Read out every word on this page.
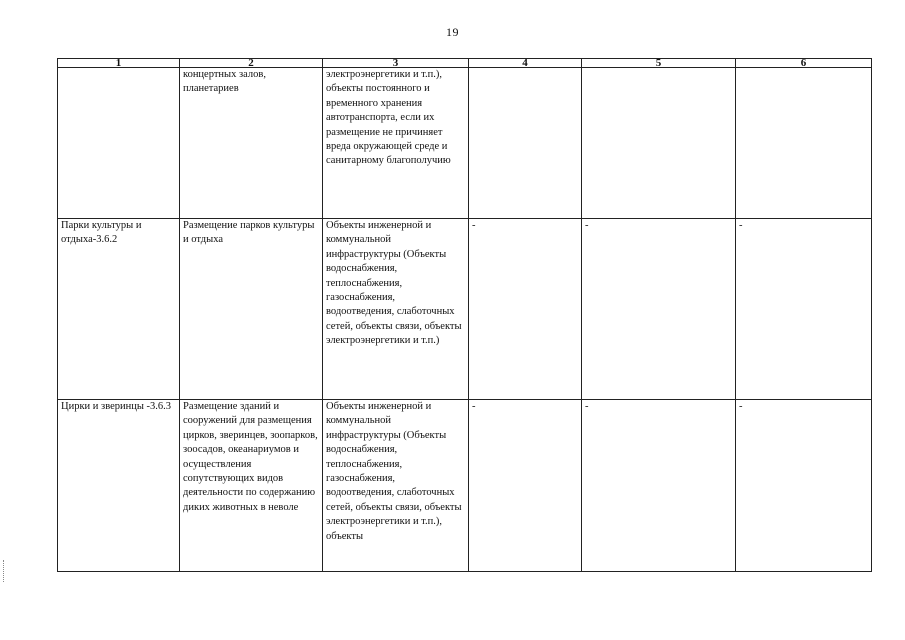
19
1	2	3	4	5	6
	концертных залов, планетариев	электроэнергетики и т.п.), объекты постоянного и временного хранения автотранспорта, если их размещение не причиняет вреда окружающей среде и санитарному благополучию			
Парки культуры и отдыха-3.6.2	Размещение парков культуры и отдыха	Объекты инженерной и коммунальной инфраструктуры (Объекты водоснабжения, теплоснабжения, газоснабжения, водоотведения, слаботочных сетей, объекты связи, объекты электроэнергетики и т.п.)	-	-	-
Цирки и зверинцы -3.6.3	Размещение зданий и сооружений для размещения цирков, зверинцев, зоопарков, зоосадов, океанариумов и осуществления сопутствующих видов деятельности по содержанию диких животных в неволе	Объекты инженерной и коммунальной инфраструктуры (Объекты водоснабжения, теплоснабжения, газоснабжения, водоотведения, слаботочных сетей, объекты связи, объекты электроэнергетики и т.п.), объекты	-	-	-
